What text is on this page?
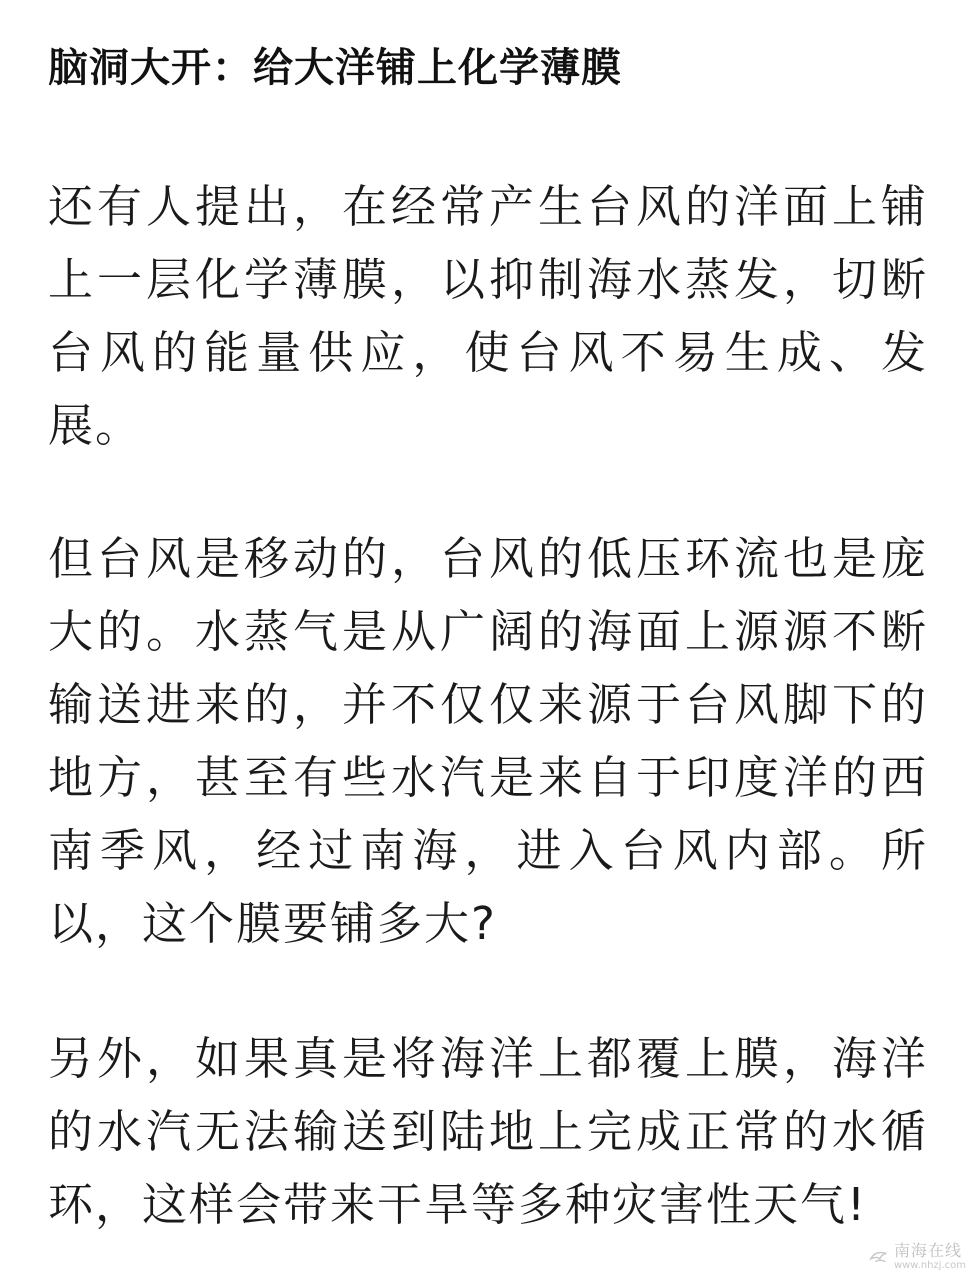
脑洞大开：给大洋铺上化学薄膜

还有人提出，在经常产生台风的洋面上铺上一层化学薄膜，以抑制海水蒸发，切断台风的能量供应，使台风不易生成、发展。

但台风是移动的，台风的低压环流也是庞大的。水蒸气是从广阔的海面上源源不断输送进来的，并不仅仅来源于台风脚下的地方，甚至有些水汽是来自于印度洋的西南季风，经过南海，进入台风内部。所以，这个膜要铺多大?

另外，如果真是将海洋上都覆上膜，海洋的水汽无法输送到陆地上完成正常的水循环，这样会带来干旱等多种灾害性天气!

南海在线
www.nhzj.com
